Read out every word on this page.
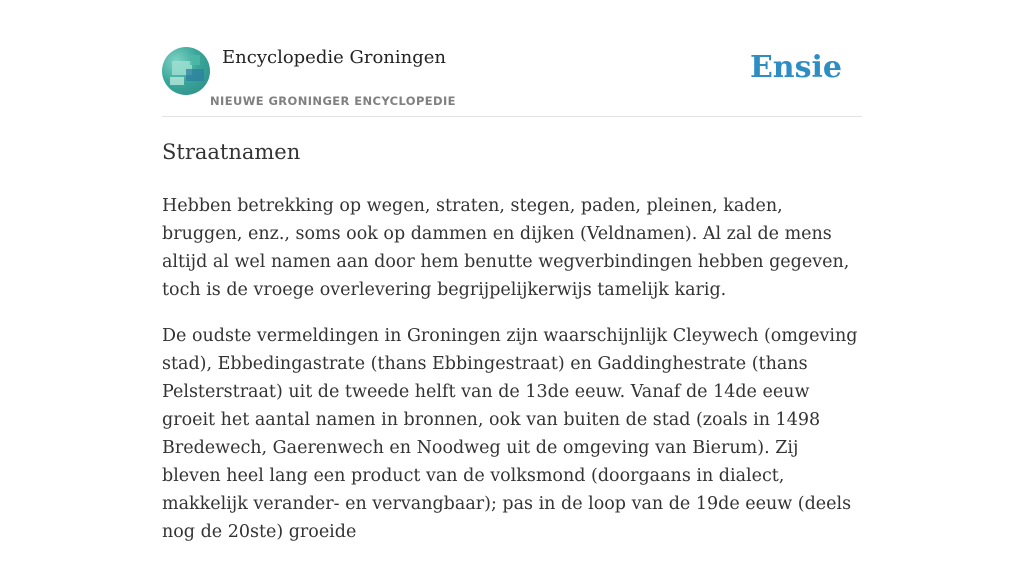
Encyclopedie Groningen
NIEUWE GRONINGER ENCYCLOPEDIE
Ensie
Straatnamen

Hebben betrekking op wegen, straten, stegen, paden, pleinen, kaden, bruggen, enz., soms ook op dammen en dijken (Veldnamen). Al zal de mens altijd al wel namen aan door hem benutte wegverbindingen hebben gegeven, toch is de vroege overlevering begrijpelijkerwijs tamelijk karig.

De oudste vermeldingen in Groningen zijn waarschijnlijk Cleywech (omgeving stad), Ebbedingastrate (thans Ebbingestraat) en Gaddinghestrate (thans Pelsterstraat) uit de tweede helft van de 13de eeuw. Vanaf de 14de eeuw groeit het aantal namen in bronnen, ook van buiten de stad (zoals in 1498 Bredewech, Gaerenwech en Noodweg uit de omgeving van Bierum). Zij bleven heel lang een product van de volksmond (doorgaans in dialect, makkelijk verander- en vervangbaar); pas in de loop van de 19de eeuw (deels nog de 20ste) groeide
